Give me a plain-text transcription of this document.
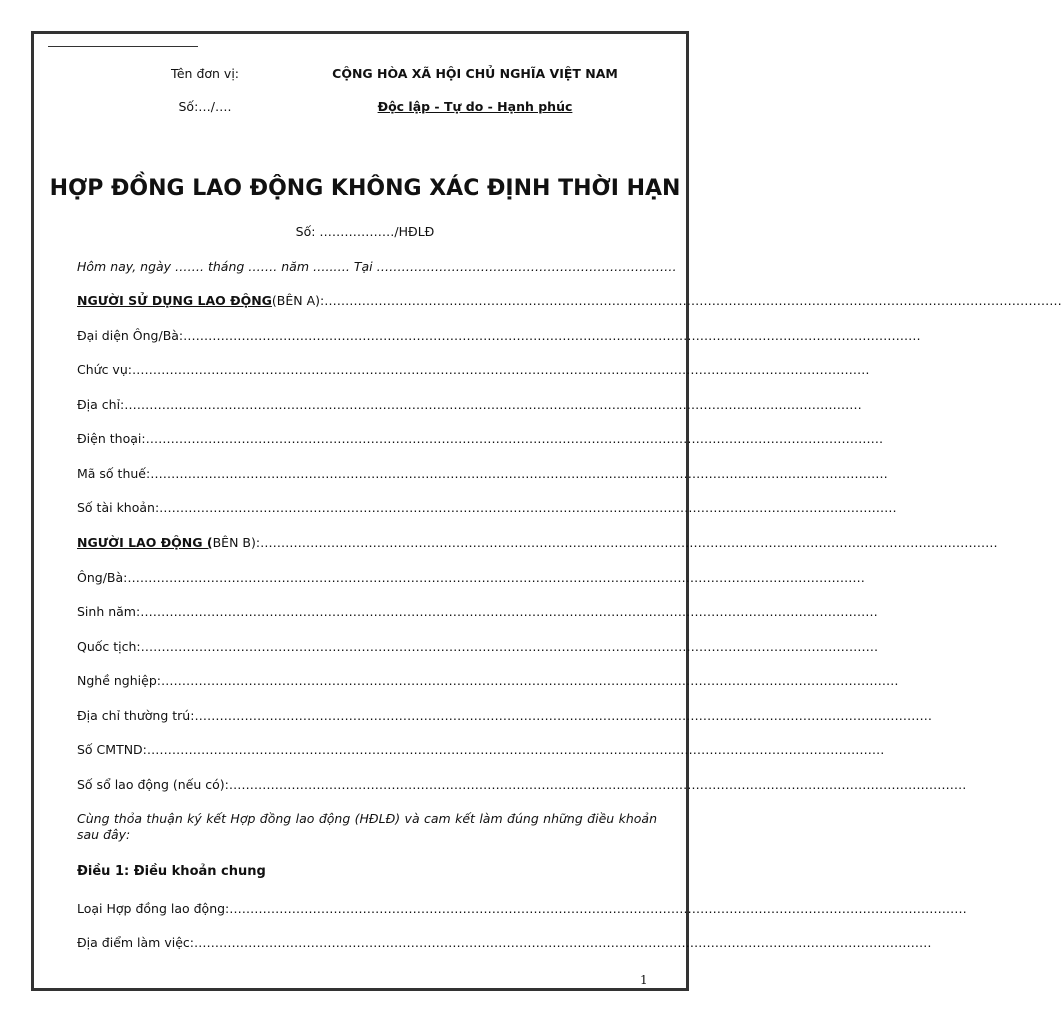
Tên đơn vị:
Số:…/….
CỘNG HÒA XÃ HỘI CHỦ NGHĨA VIỆT NAM
Độc lập - Tự do - Hạnh phúc
HỢP ĐỒNG LAO ĐỘNG KHÔNG XÁC ĐỊNH THỜI HẠN
Số: ………………/HĐLĐ
Hôm nay, ngày ……. tháng ……. năm …..…. Tại ………………………………………………………………
NGƯỜI SỬ DỤNG LAO ĐỘNG (BÊN A): ……………………………………………………………………………………………………………………………………………………………
Đại diện Ông/Bà: ……………………………………………………………………………………………………………………………………………………………
Chức vụ: ……………………………………………………………………………………………………………………………………………………………
Địa chỉ: ……………………………………………………………………………………………………………………………………………………………
Điện thoại: ……………………………………………………………………………………………………………………………………………………………
Mã số thuế: ……………………………………………………………………………………………………………………………………………………………
Số tài khoản: ……………………………………………………………………………………………………………………………………………………………
NGƯỜI LAO ĐỘNG ( BÊN B): ……………………………………………………………………………………………………………………………………………………………
Ông/Bà: ……………………………………………………………………………………………………………………………………………………………
Sinh năm: ……………………………………………………………………………………………………………………………………………………………
Quốc tịch: ……………………………………………………………………………………………………………………………………………………………
Nghề nghiệp: ……………………………………………………………………………………………………………………………………………………………
Địa chỉ thường trú: ……………………………………………………………………………………………………………………………………………………………
Số CMTND: ……………………………………………………………………………………………………………………………………………………………
Số sổ lao động (nếu có): ……………………………………………………………………………………………………………………………………………………………
Cùng thỏa thuận ký kết Hợp đồng lao động (HĐLĐ) và cam kết làm đúng những điều khoản sau đây:
Điều 1: Điều khoản chung
Loại Hợp đồng lao động: ……………………………………………………………………………………………………………………………………………………………
Địa điểm làm việc: ……………………………………………………………………………………………………………………………………………………………
1
